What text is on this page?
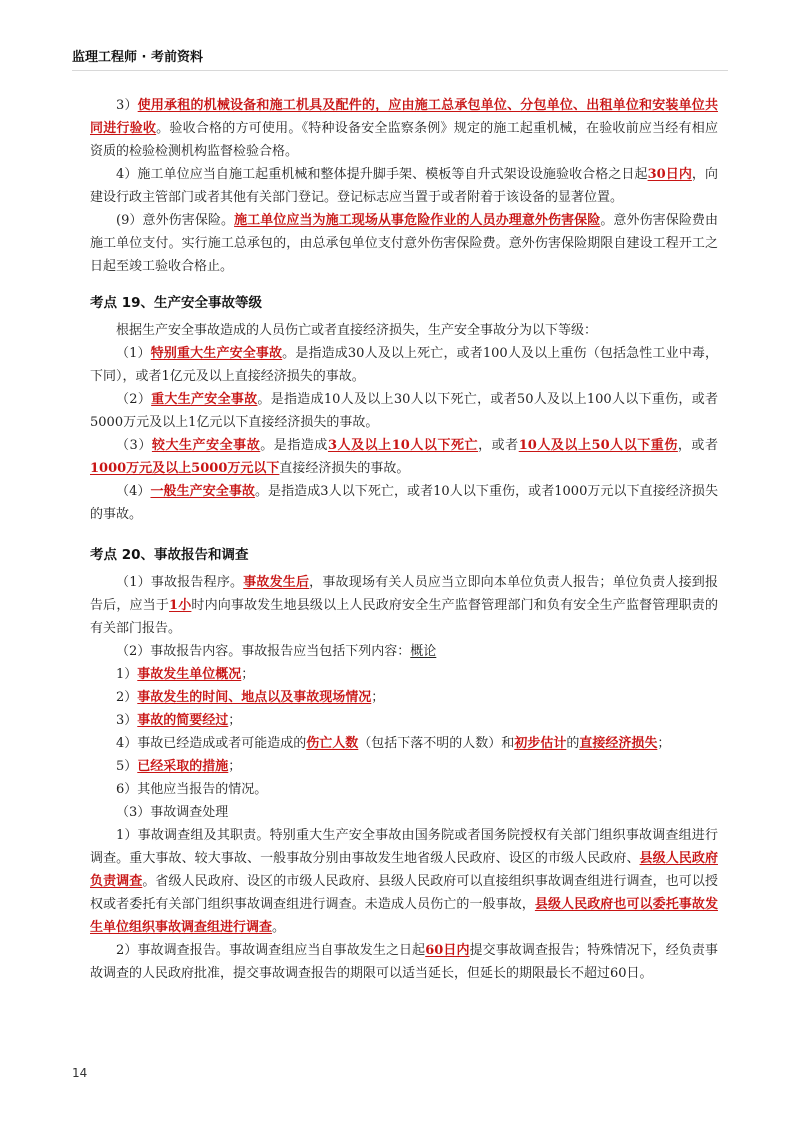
监理工程师 · 考前资料

3）使用承租的机械设备和施工机具及配件的，应由施工总承包单位、分包单位、出租单位和安装单位共同进行验收。验收合格的方可使用。《特种设备安全监察条例》规定的施工起重机械，在验收前应当经有相应资质的检验检测机构监督检验合格。

4）施工单位应当自施工起重机械和整体提升脚手架、模板等自升式架设设施验收合格之日起30日内，向建设行政主管部门或者其他有关部门登记。登记标志应当置于或者附着于该设备的显著位置。

(9）意外伤害保险。施工单位应当为施工现场从事危险作业的人员办理意外伤害保险。意外伤害保险费由施工单位支付。实行施工总承包的，由总承包单位支付意外伤害保险费。意外伤害保险期限自建设工程开工之日起至竣工验收合格止。

考点 19、生产安全事故等级

根据生产安全事故造成的人员伤亡或者直接经济损失，生产安全事故分为以下等级：

（1）特别重大生产安全事故。是指造成30人及以上死亡，或者100人及以上重伤（包括急性工业中毒，下同），或者1亿元及以上直接经济损失的事故。

（2）重大生产安全事故。是指造成10人及以上30人以下死亡，或者50人及以上100人以下重伤，或者5000万元及以上1亿元以下直接经济损失的事故。

（3）较大生产安全事故。是指造成3人及以上10人以下死亡，或者10人及以上50人以下重伤，或者1000万元及以上5000万元以下直接经济损失的事故。

（4）一般生产安全事故。是指造成3人以下死亡，或者10人以下重伤，或者1000万元以下直接经济损失的事故。

考点 20、事故报告和调查

（1）事故报告程序。事故发生后，事故现场有关人员应当立即向本单位负责人报告；单位负责人接到报告后，应当于1小时内向事故发生地县级以上人民政府安全生产监督管理部门和负有安全生产监督管理职责的有关部门报告。

（2）事故报告内容。事故报告应当包括下列内容：概论

1）事故发生单位概况；

2）事故发生的时间、地点以及事故现场情况；

3）事故的简要经过；

4）事故已经造成或者可能造成的伤亡人数（包括下落不明的人数）和初步估计的直接经济损失；

5）已经采取的措施；

6）其他应当报告的情况。

（3）事故调查处理

1）事故调查组及其职责。特别重大生产安全事故由国务院或者国务院授权有关部门组织事故调查组进行调查。重大事故、较大事故、一般事故分别由事故发生地省级人民政府、设区的市级人民政府、县级人民政府负责调查。省级人民政府、设区的市级人民政府、县级人民政府可以直接组织事故调查组进行调查，也可以授权或者委托有关部门组织事故调查组进行调查。未造成人员伤亡的一般事故，县级人民政府也可以委托事故发生单位组织事故调查组进行调查。

2）事故调查报告。事故调查组应当自事故发生之日起60日内提交事故调查报告；特殊情况下，经负责事故调查的人民政府批准，提交事故调查报告的期限可以适当延长，但延长的期限最长不超过60日。

14
